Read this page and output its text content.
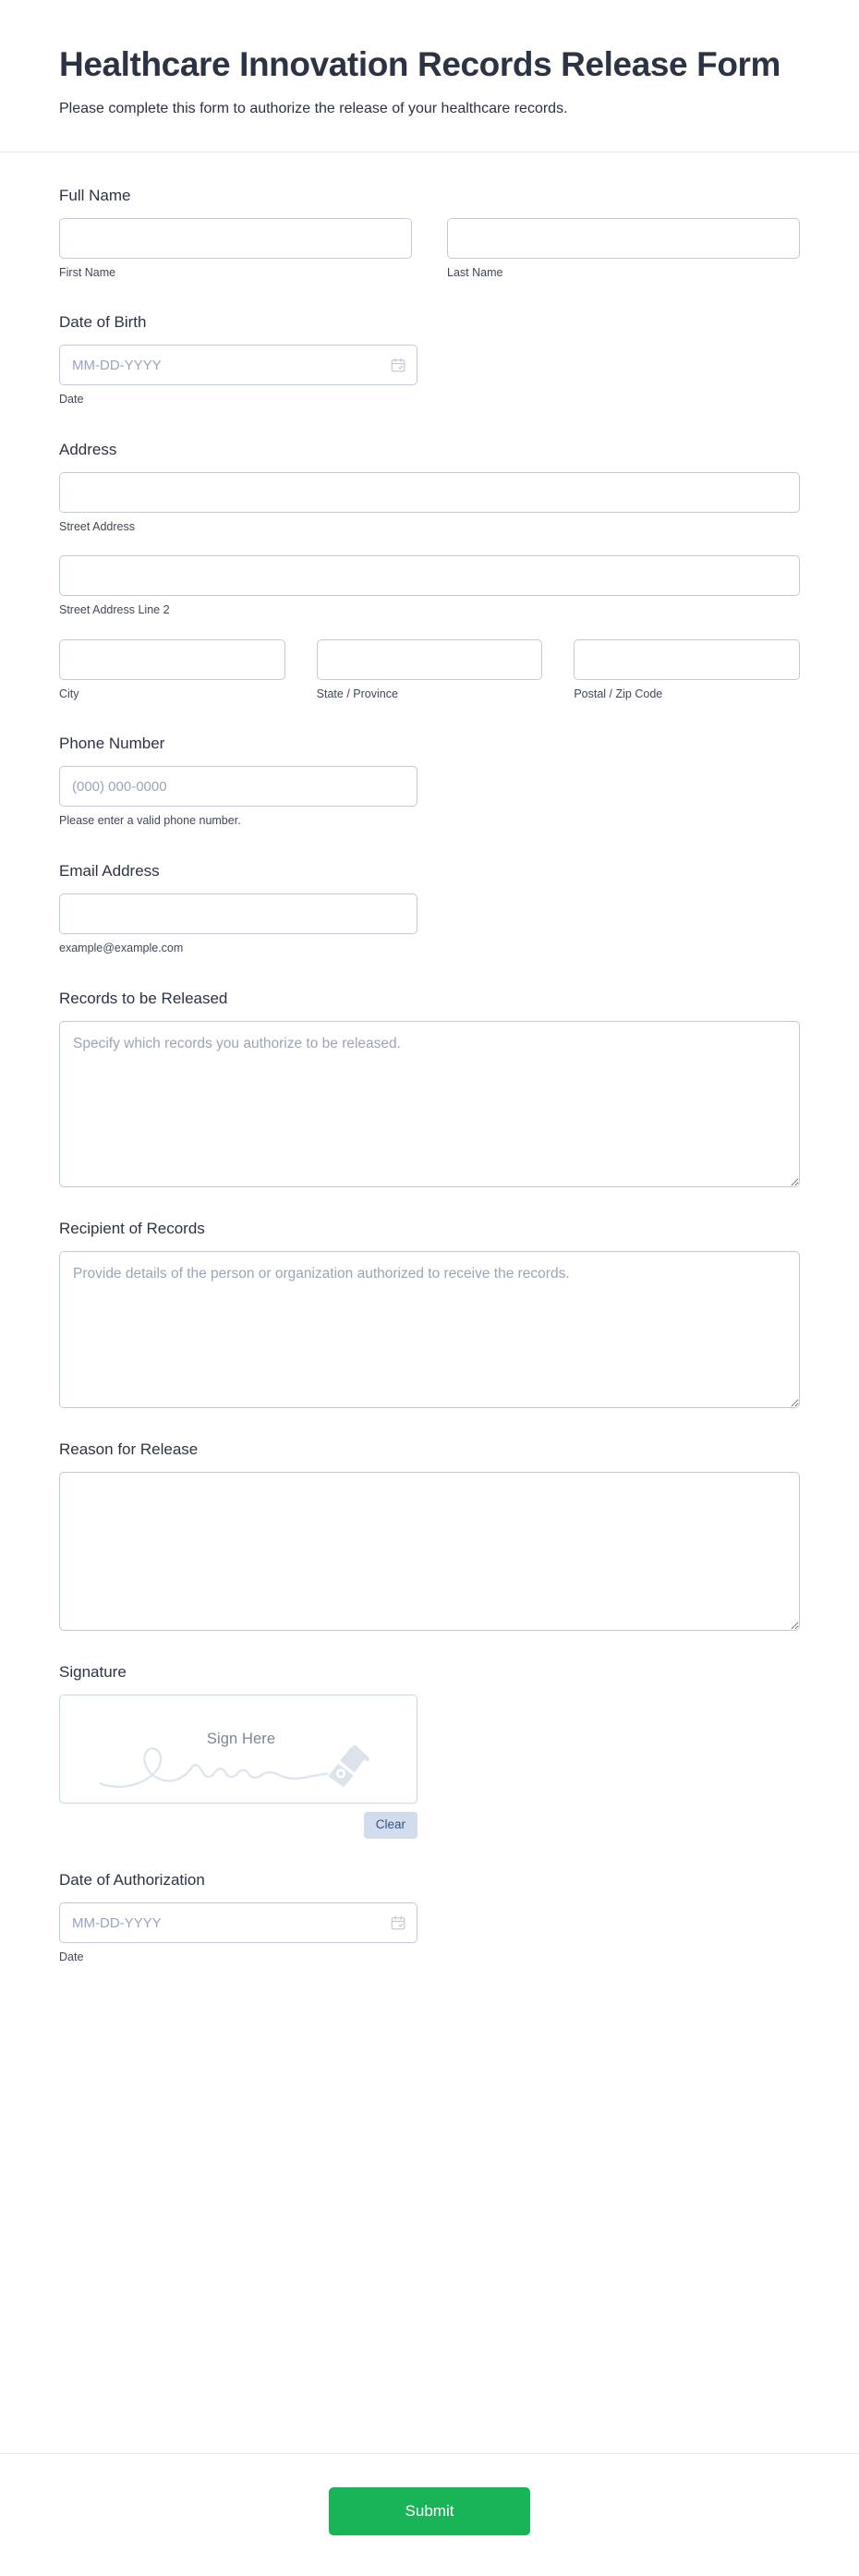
Healthcare Innovation Records Release Form

Please complete this form to authorize the release of your healthcare records.

Full Name
First Name	Last Name
Date of Birth
MM-DD-YYYY
Date
Address
Street Address
Street Address Line 2
City	State / Province	Postal / Zip Code
Phone Number
(000) 000-0000
Please enter a valid phone number.
Email Address
example@example.com
Records to be Released
Specify which records you authorize to be released.
Recipient of Records
Provide details of the person or organization authorized to receive the records.
Reason for Release
Signature
Sign Here
Clear
Date of Authorization
MM-DD-YYYY
Date
Submit
